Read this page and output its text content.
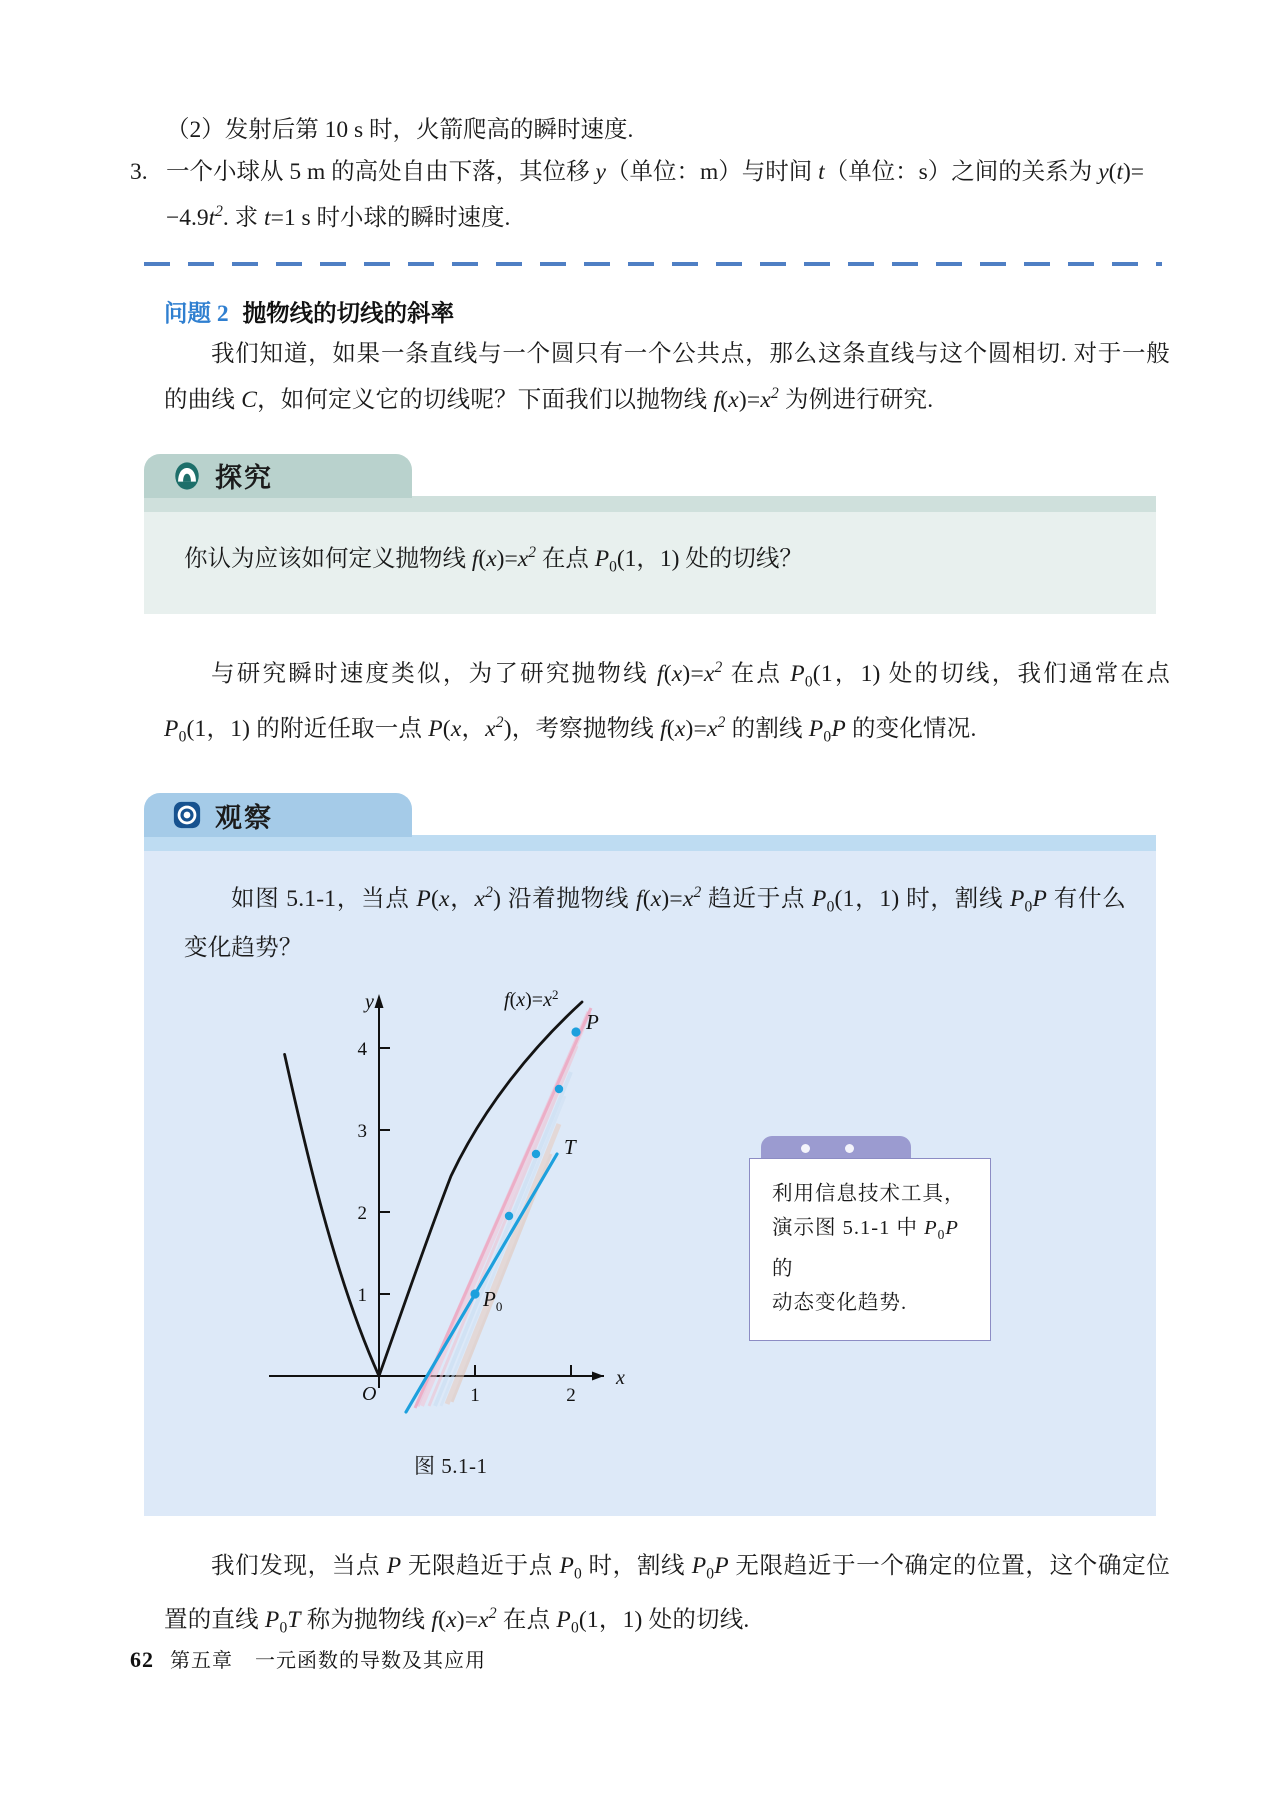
（2）发射后第 10 s 时，火箭爬高的瞬时速度.
3. 一个小球从 5 m 的高处自由下落，其位移 y（单位：m）与时间 t（单位：s）之间的关系为 y(t)=
$-4.9t^2$. 求 t=1 s 时小球的瞬时速度.
问题 2 抛物线的切线的斜率

我们知道，如果一条直线与一个圆只有一个公共点，那么这条直线与这个圆相切. 对于一般的曲线 C，如何定义它的切线呢？下面我们以抛物线 $f(x)=x^2$ 为例进行研究.

探究
你认为应该如何定义抛物线 $f(x)=x^2$ 在点 $P_0(1$，1) 处的切线？

与研究瞬时速度类似，为了研究抛物线 $f(x)=x^2$ 在点 $P_0(1$，1) 处的切线，我们通常在点 $P_0(1$，1) 的附近任取一点 P(x，$x^2$)，考察抛物线 $f(x)=x^2$ 的割线 $P_0P$ 的变化情况.

观察

如图 5.1-1，当点 P(x，$x^2$) 沿着抛物线 $f(x)=x^2$ 趋近于点 $P_0(1$，1) 时，割线 $P_0P$ 有什么变化趋势？

1
2
3
4
1	2
y
x
O
T
$P_0$
P
$f(x)=x^2$
图 5.1-1
利用信息技术工具，
演示图 5.1-1 中 $P_0P$ 的
动态变化趋势.

我们发现，当点 P 无限趋近于点 $P_0$ 时，割线 $P_0P$ 无限趋近于一个确定的位置，这个确定位置的直线 $P_0T$ 称为抛物线 $f(x)=x^2$ 在点 $P_0(1$，1) 处的切线.

62 第五章 一元函数的导数及其应用
